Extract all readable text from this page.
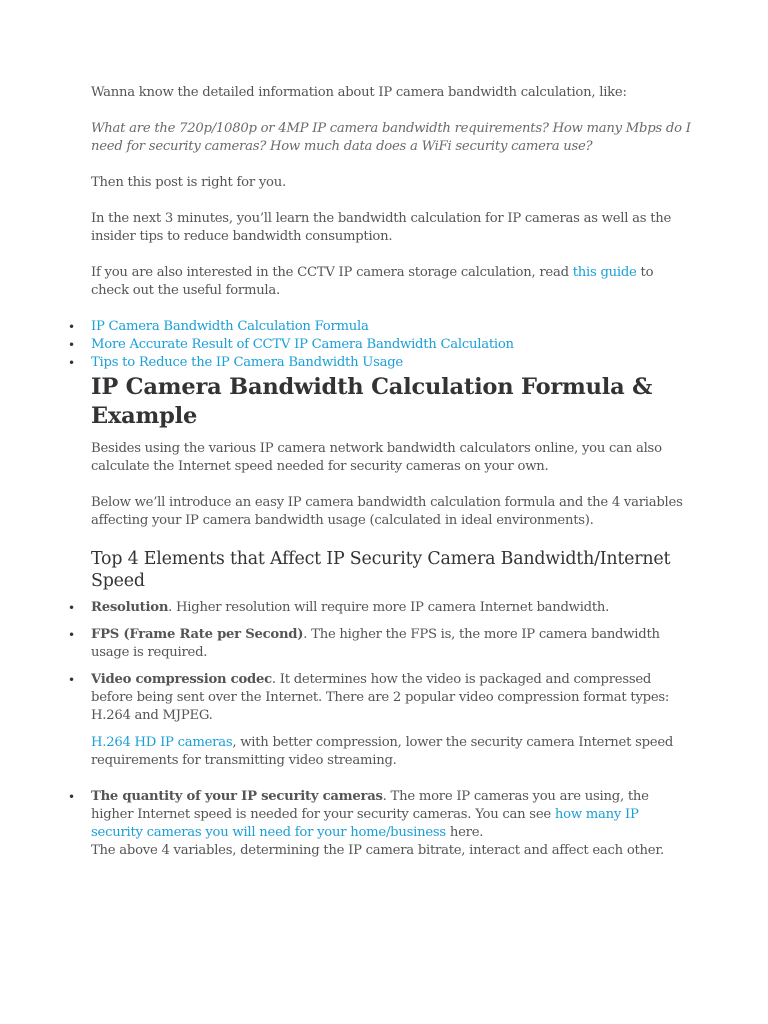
Wanna know the detailed information about IP camera bandwidth calculation, like:

What are the 720p/1080p or 4MP IP camera bandwidth requirements? How many Mbps do I need for security cameras? How much data does a WiFi security camera use?

Then this post is right for you.

In the next 3 minutes, you’ll learn the bandwidth calculation for IP cameras as well as the insider tips to reduce bandwidth consumption.

If you are also interested in the CCTV IP camera storage calculation, read this guide to check out the useful formula.

• IP Camera Bandwidth Calculation Formula
• More Accurate Result of CCTV IP Camera Bandwidth Calculation
• Tips to Reduce the IP Camera Bandwidth Usage
IP Camera Bandwidth Calculation Formula & Example

Besides using the various IP camera network bandwidth calculators online, you can also calculate the Internet speed needed for security cameras on your own.

Below we’ll introduce an easy IP camera bandwidth calculation formula and the 4 variables affecting your IP camera bandwidth usage (calculated in ideal environments).

Top 4 Elements that Affect IP Security Camera Bandwidth/Internet Speed
• Resolution. Higher resolution will require more IP camera Internet bandwidth.
• FPS (Frame Rate per Second). The higher the FPS is, the more IP camera bandwidth usage is required.
• Video compression codec. It determines how the video is packaged and compressed before being sent over the Internet. There are 2 popular video compression format types: H.264 and MJPEG.

H.264 HD IP cameras, with better compression, lower the security camera Internet speed requirements for transmitting video streaming.

• The quantity of your IP security cameras. The more IP cameras you are using, the higher Internet speed is needed for your security cameras. You can see how many IP security cameras you will need for your home/business here.
The above 4 variables, determining the IP camera bitrate, interact and affect each other.
